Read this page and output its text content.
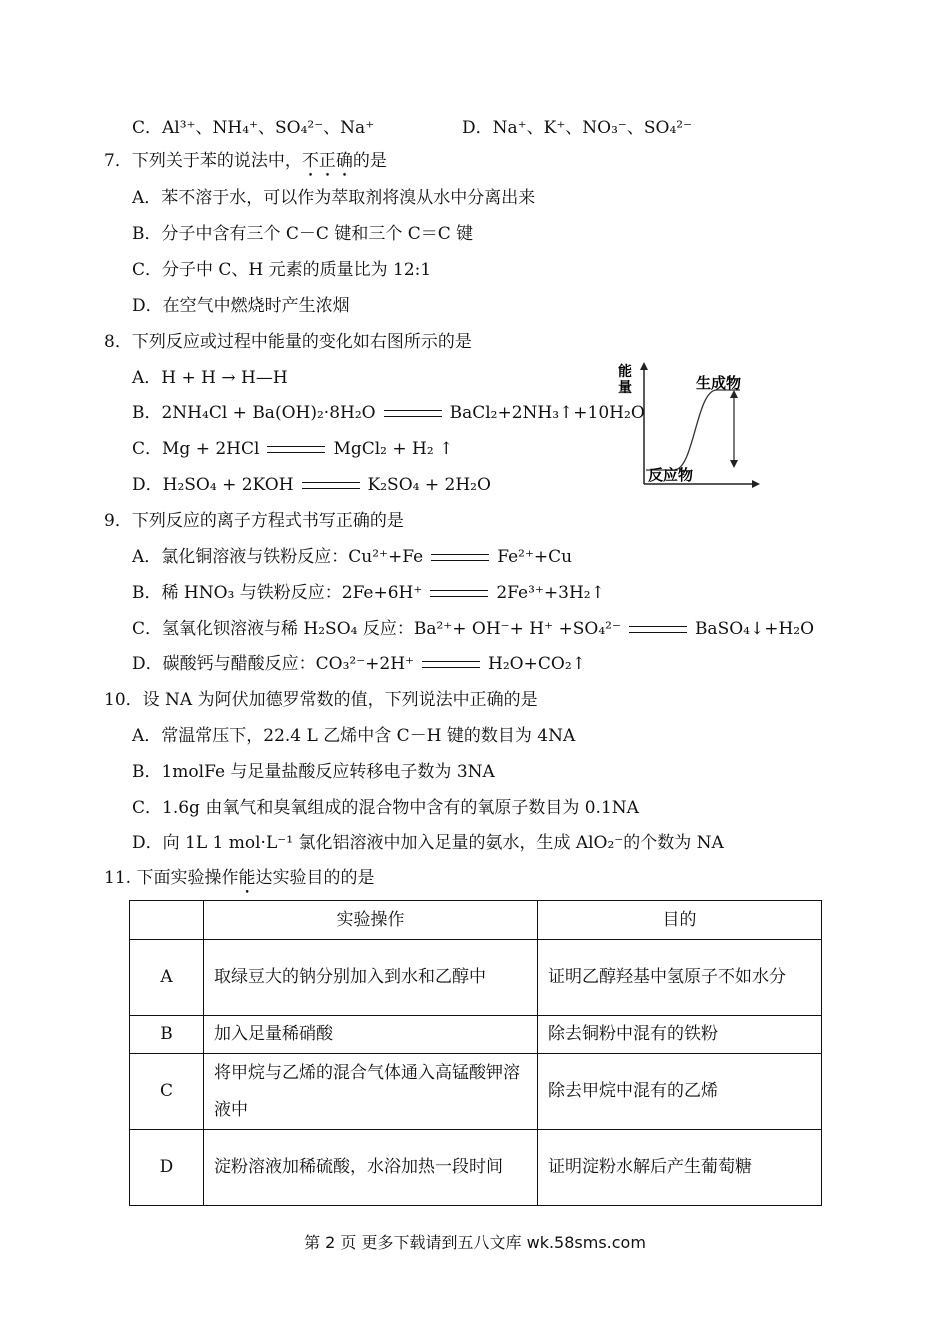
C．Al³⁺、NH₄⁺、SO₄²⁻、Na⁺	D．Na⁺、K⁺、NO₃⁻、SO₄²⁻
7．下列关于苯的说法中，不正确的是
A．苯不溶于水，可以作为萃取剂将溴从水中分离出来
B．分子中含有三个 C－C 键和三个 C＝C 键
C．分子中 C、H 元素的质量比为 12:1
D．在空气中燃烧时产生浓烟
8．下列反应或过程中能量的变化如右图所示的是
A．H + H → H—H
B．2NH₄Cl + Ba(OH)₂·8H₂O	BaCl₂+2NH₃↑+10H₂O
C．Mg + 2HCl	MgCl₂ + H₂ ↑
D．H₂SO₄ + 2KOH	K₂SO₄ + 2H₂O
能
量	生成物
反应物
9．下列反应的离子方程式书写正确的是
A．氯化铜溶液与铁粉反应：Cu²⁺+Fe	Fe²⁺+Cu
B．稀 HNO₃ 与铁粉反应：2Fe+6H⁺	2Fe³⁺+3H₂↑
C．氢氧化钡溶液与稀 H₂SO₄ 反应：Ba²⁺+ OH⁻+ H⁺ +SO₄²⁻	BaSO₄↓+H₂O
D．碳酸钙与醋酸反应：CO₃²⁻+2H⁺	H₂O+CO₂↑
10．设 NA 为阿伏加德罗常数的值，下列说法中正确的是
A．常温常压下，22.4 L 乙烯中含 C－H 键的数目为 4NA
B．1molFe 与足量盐酸反应转移电子数为 3NA
C．1.6g 由氧气和臭氧组成的混合物中含有的氧原子数目为 0.1NA
D．向 1L 1 mol·L⁻¹ 氯化铝溶液中加入足量的氨水，生成 AlO₂⁻的个数为 NA
11. 下面实验操作能达实验目的的是
	实验操作	目的
A	取绿豆大的钠分别加入到水和乙醇中	证明乙醇羟基中氢原子不如水分
B	加入足量稀硝酸	除去铜粉中混有的铁粉
C	将甲烷与乙烯的混合气体通入高锰酸钾溶液中	除去甲烷中混有的乙烯
D	淀粉溶液加稀硫酸，水浴加热一段时间	证明淀粉水解后产生葡萄糖
第 2 页 更多下载请到五八文库 wk.58sms.com
